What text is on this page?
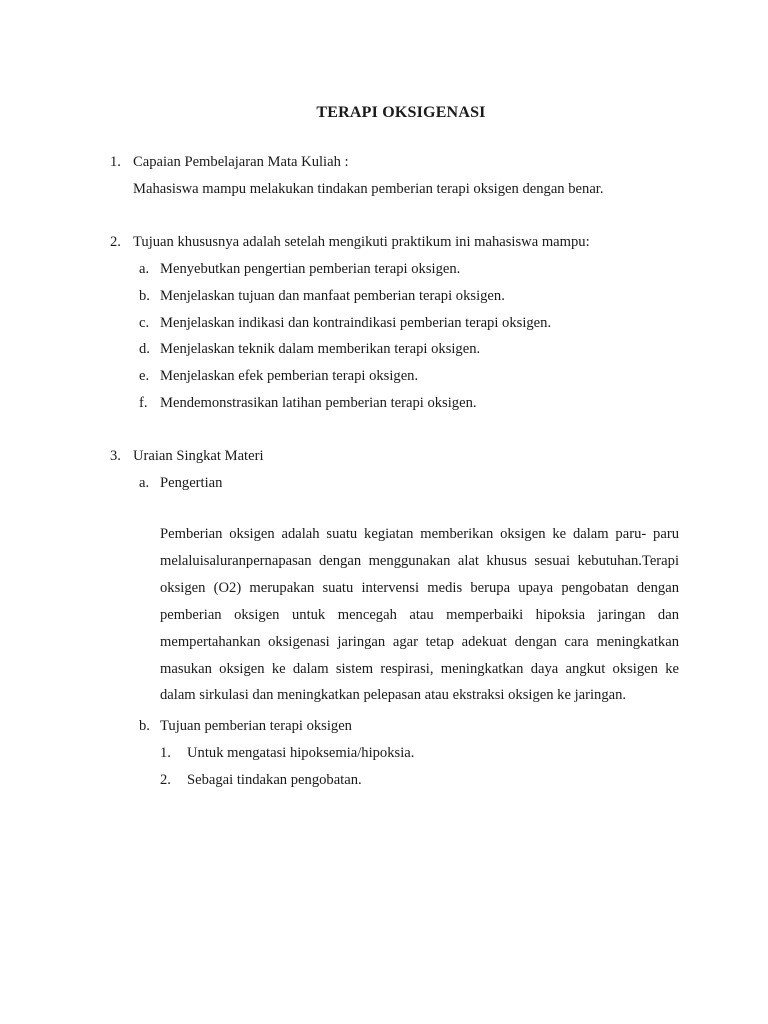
TERAPI OKSIGENASI
1. Capaian Pembelajaran Mata Kuliah :
Mahasiswa mampu melakukan tindakan pemberian terapi oksigen dengan benar.
2. Tujuan khususnya adalah setelah mengikuti praktikum ini mahasiswa mampu:
a. Menyebutkan pengertian pemberian terapi oksigen.
b. Menjelaskan tujuan dan manfaat pemberian terapi oksigen.
c. Menjelaskan indikasi dan kontraindikasi pemberian terapi oksigen.
d. Menjelaskan teknik dalam memberikan terapi oksigen.
e. Menjelaskan efek pemberian terapi oksigen.
f. Mendemonstrasikan latihan pemberian terapi oksigen.
3. Uraian Singkat Materi
a. Pengertian
Pemberian oksigen adalah suatu kegiatan memberikan oksigen ke dalam paru- paru
melaluisaluranpernapasan dengan menggunakan alat khusus sesuai kebutuhan.Terapi
oksigen (O2) merupakan suatu intervensi medis berupa upaya pengobatan dengan
pemberian oksigen untuk mencegah atau memperbaiki hipoksia jaringan dan
mempertahankan oksigenasi jaringan agar tetap adekuat dengan cara meningkatkan
masukan oksigen ke dalam sistem respirasi, meningkatkan daya angkut oksigen ke
dalam sirkulasi dan meningkatkan pelepasan atau ekstraksi oksigen ke jaringan.
b. Tujuan pemberian terapi oksigen
1. Untuk mengatasi hipoksemia/hipoksia.
2. Sebagai tindakan pengobatan.
